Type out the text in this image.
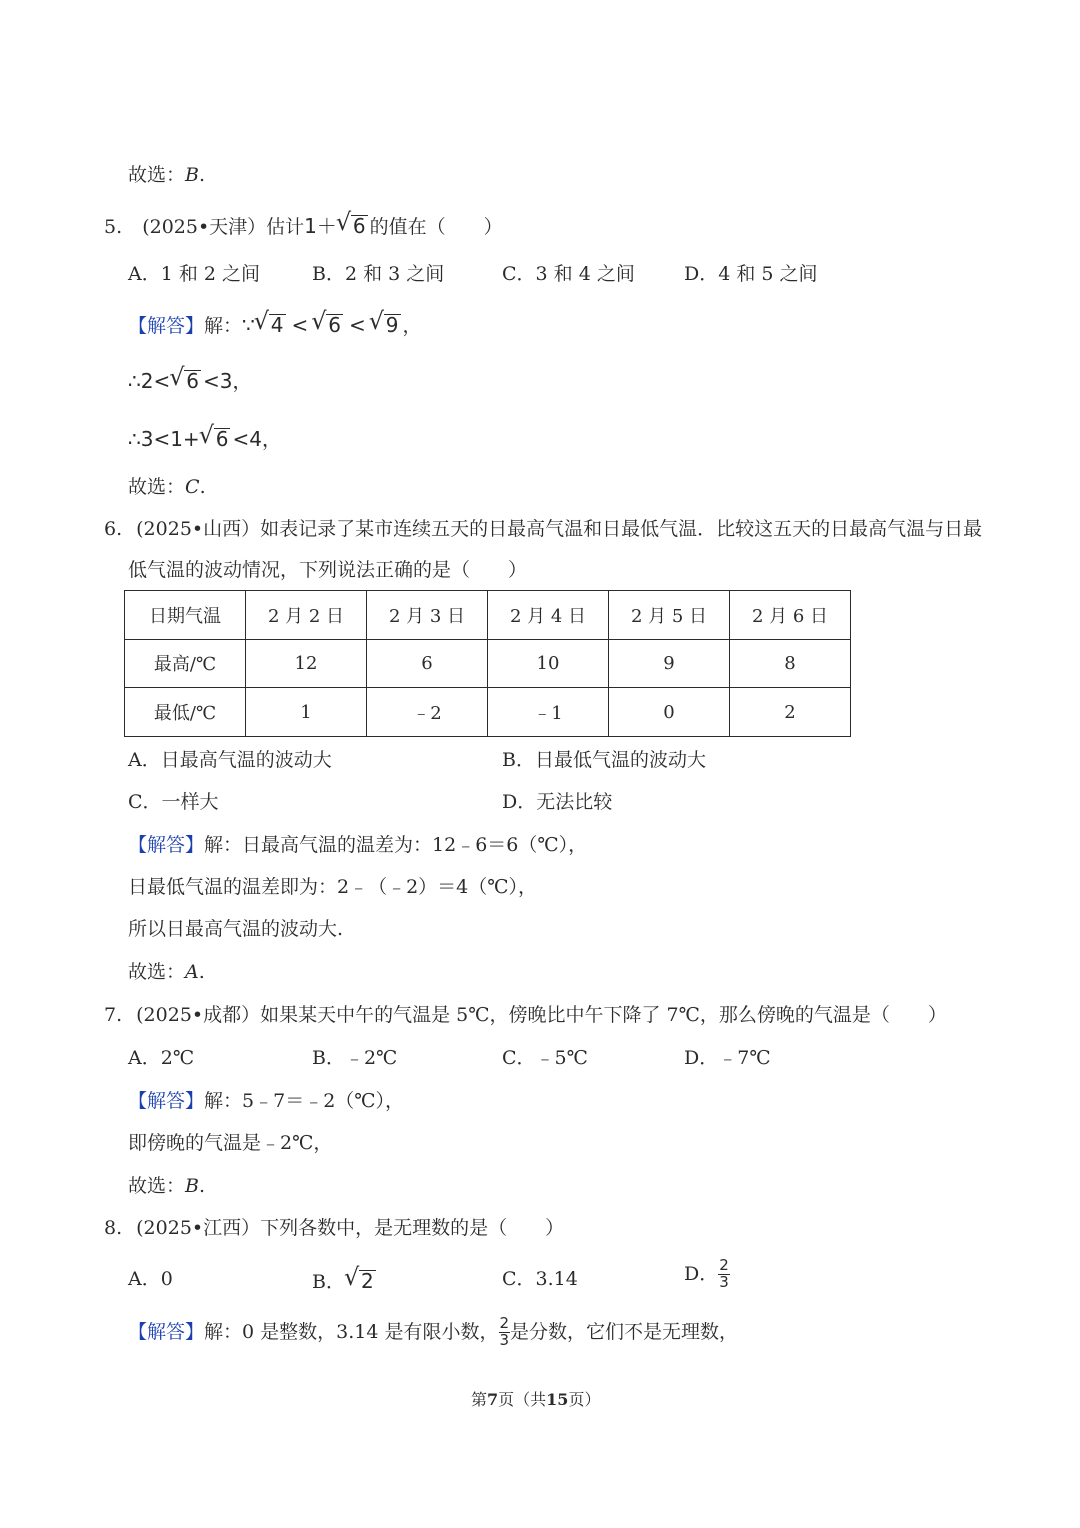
故选：B.
5. (2025•天津）估计1＋ √ 6 的值在（　　）
A．1 和 2 之间	B．2 和 3 之间	C．3 和 4 之间	D．4 和 5 之间
【解答】解：∵ √ 4 < √ 6 < √ 9 ，
∴2< √ 6 <3，
∴3<1+ √ 6 <4，
故选：C.
6. (2025•山西）如表记录了某市连续五天的日最高气温和日最低气温．比较这五天的日最高气温与日最
低气温的波动情况，下列说法正确的是（　　）
日期气温	2 月 2 日	2 月 3 日	2 月 4 日	2 月 5 日	2 月 6 日
最高/℃	12	6	10	9	8
最低/℃	1	﹣2	﹣1	0	2
A．日最高气温的波动大	B．日最低气温的波动大
C．一样大	D．无法比较
【解答】解：日最高气温的温差为：12﹣6＝6（℃），
日最低气温的温差即为：2﹣（﹣2）＝4（℃），
所以日最高气温的波动大.
故选：A.
7. (2025•成都）如果某天中午的气温是 5℃，傍晚比中午下降了 7℃，那么傍晚的气温是（　　）
A．2℃	B．﹣2℃	C．﹣5℃	D．﹣7℃
【解答】解：5﹣7＝﹣2（℃），
即傍晚的气温是﹣2℃，
故选：B.
8. (2025•江西）下列各数中，是无理数的是（　　）
A．0	B． √ 2	C．3.14	D． $\frac{2}{3}$
【解答】解：0 是整数，3.14 是有限小数， $\frac{2}{3}$ 是分数，它们不是无理数，
第7页（共15页）
